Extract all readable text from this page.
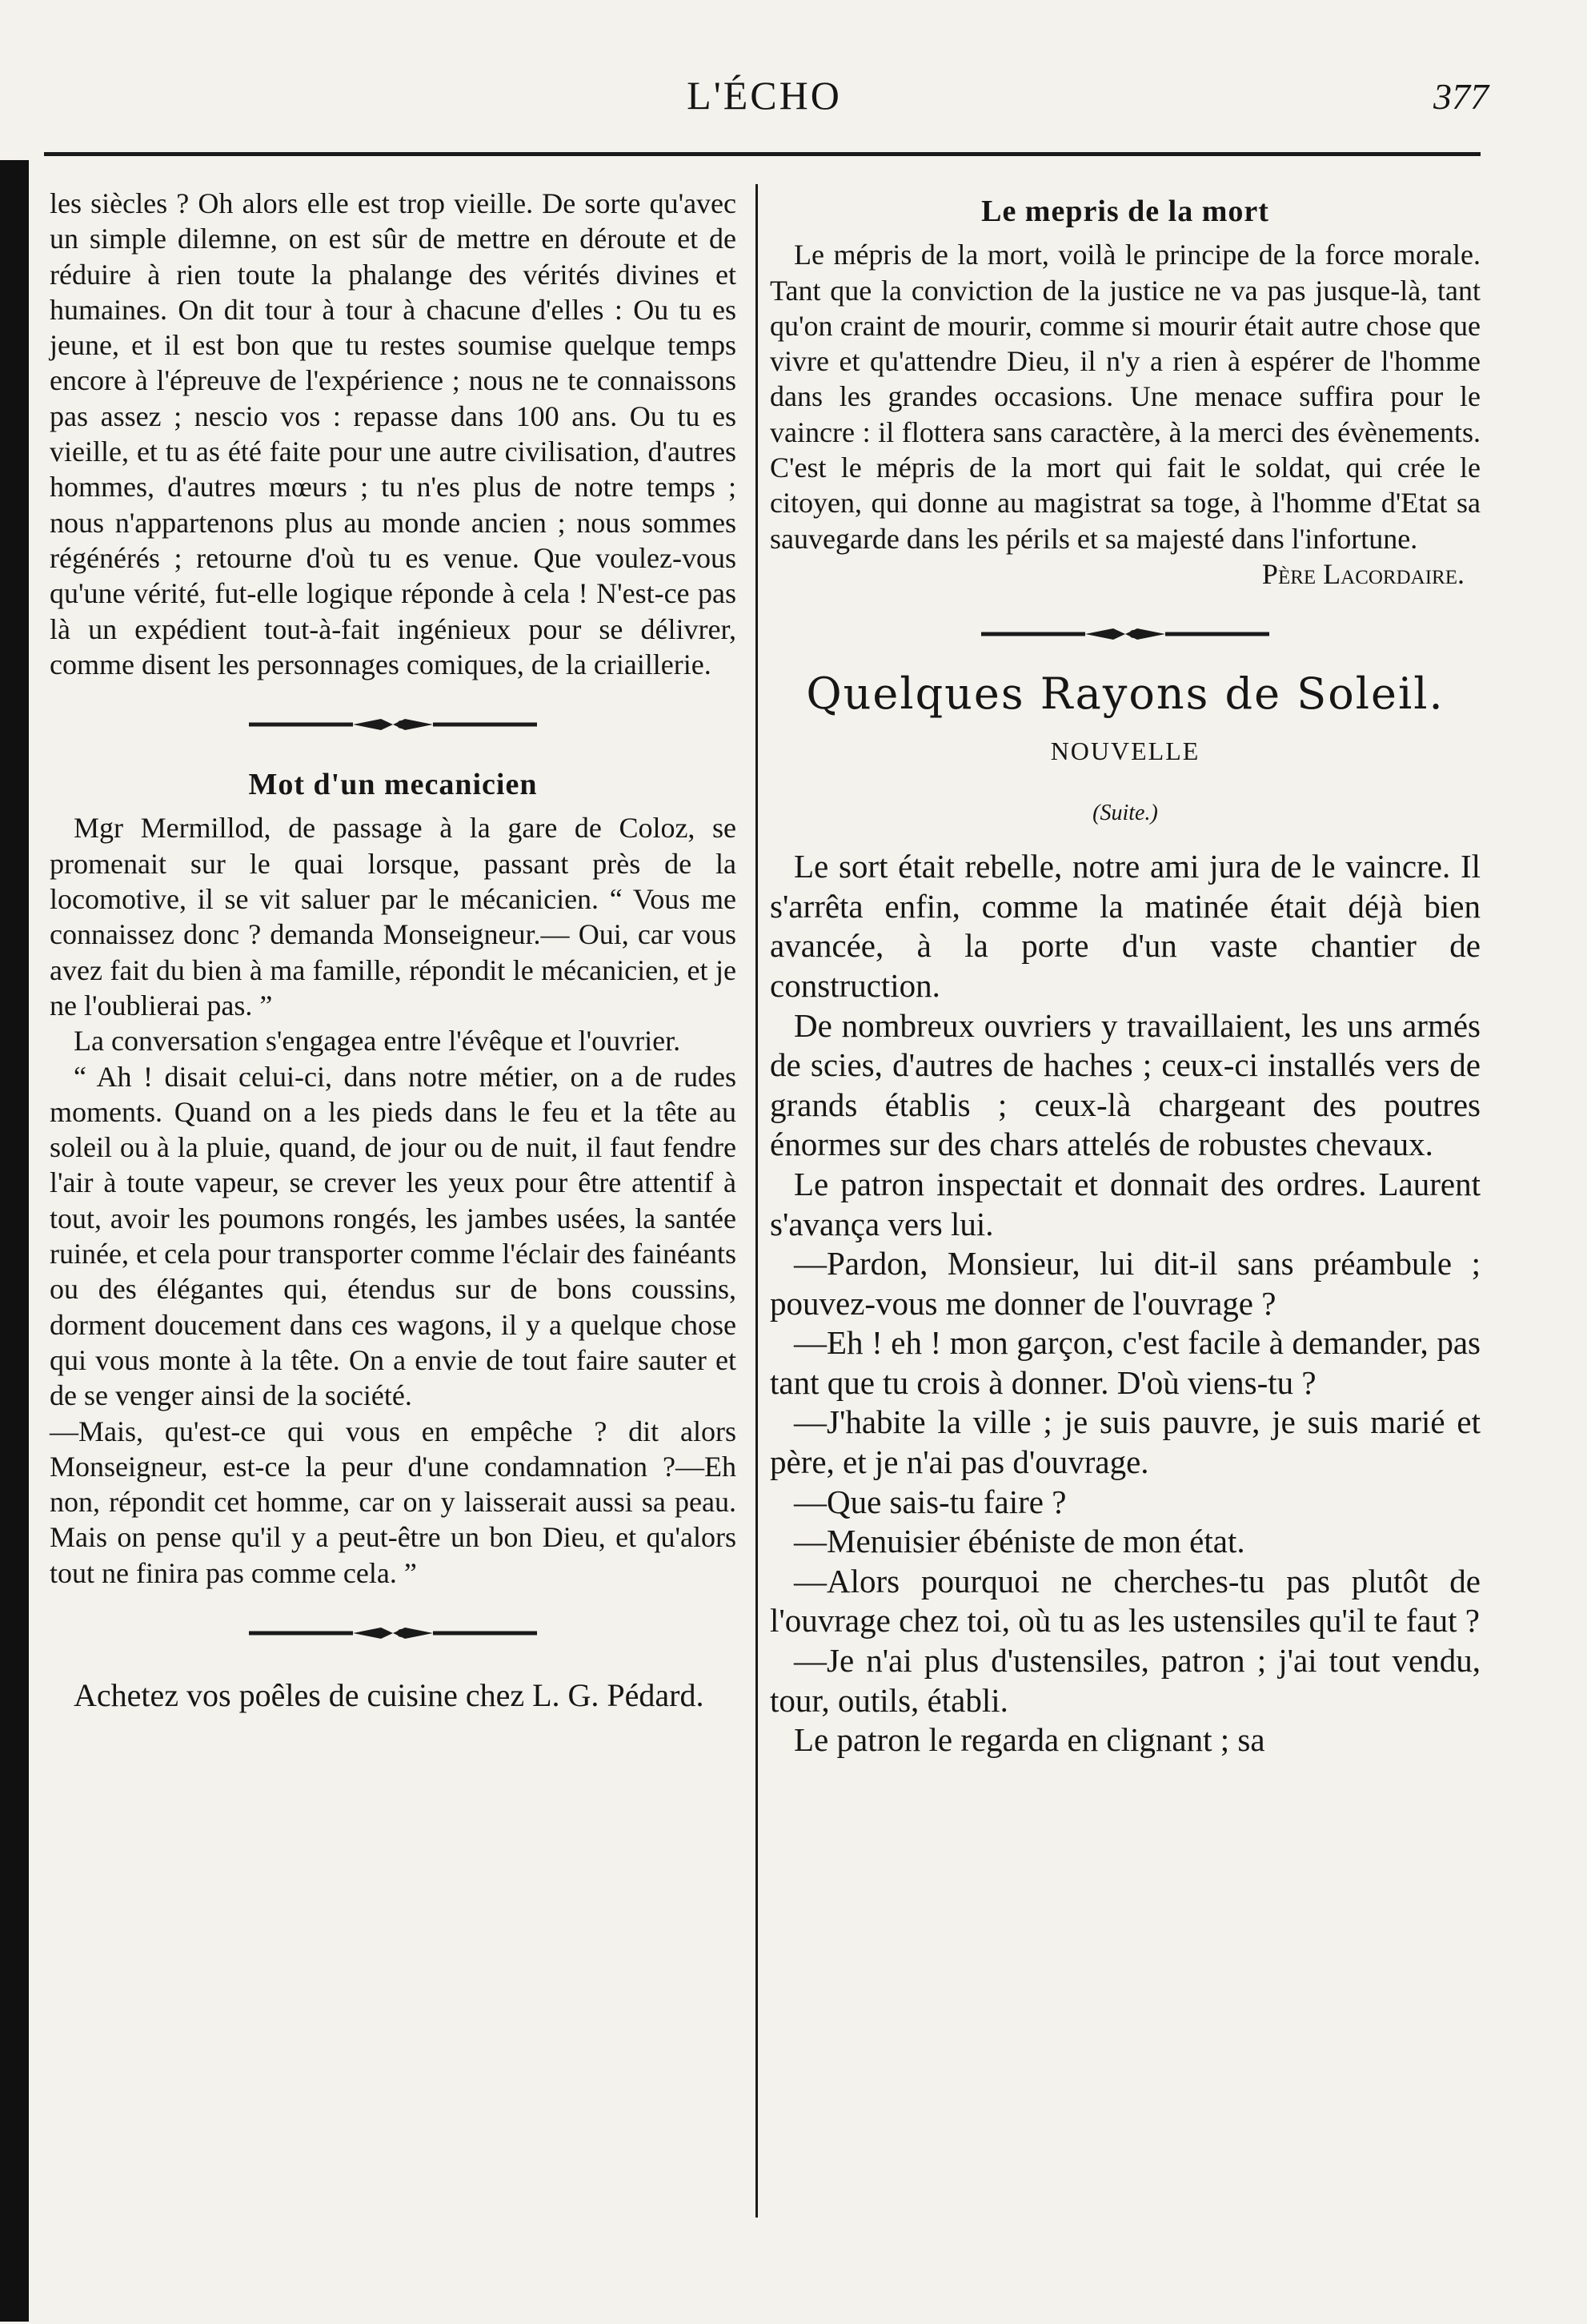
L'ÉCHO	377

les siècles ? Oh alors elle est trop vieille. De sorte qu'avec un simple dilemne, on est sûr de mettre en déroute et de réduire à rien toute la phalange des vérités divines et humaines. On dit tour à tour à chacune d'elles : Ou tu es jeune, et il est bon que tu restes soumise quelque temps encore à l'épreuve de l'expérience ; nous ne te connaissons pas assez ; nescio vos : repasse dans 100 ans. Ou tu es vieille, et tu as été faite pour une autre civilisation, d'autres hommes, d'autres mœurs ; tu n'es plus de notre temps ; nous n'appartenons plus au monde ancien ; nous sommes régénérés ; retourne d'où tu es venue. Que voulez-vous qu'une vérité, fut-elle logique réponde à cela ! N'est-ce pas là un expédient tout-à-fait ingénieux pour se délivrer, comme disent les personnages comiques, de la criaillerie.

Mot d'un mecanicien

Mgr Mermillod, de passage à la gare de Coloz, se promenait sur le quai lorsque, passant près de la locomotive, il se vit saluer par le mécanicien. “ Vous me connaissez donc ? demanda Monseigneur.— Oui, car vous avez fait du bien à ma famille, répondit le mécanicien, et je ne l'oublierai pas. ”

La conversation s'engagea entre l'évêque et l'ouvrier.

“ Ah ! disait celui-ci, dans notre métier, on a de rudes moments. Quand on a les pieds dans le feu et la tête au soleil ou à la pluie, quand, de jour ou de nuit, il faut fendre l'air à toute vapeur, se crever les yeux pour être attentif à tout, avoir les poumons rongés, les jambes usées, la santée ruinée, et cela pour transporter comme l'éclair des fainéants ou des élégantes qui, étendus sur de bons coussins, dorment doucement dans ces wagons, il y a quelque chose qui vous monte à la tête. On a envie de tout faire sauter et de se venger ainsi de la société.

—Mais, qu'est-ce qui vous en empêche ? dit alors Monseigneur, est-ce la peur d'une condamnation ?—Eh non, répondit cet homme, car on y laisserait aussi sa peau. Mais on pense qu'il y a peut-être un bon Dieu, et qu'alors tout ne finira pas comme cela. ”

Achetez vos poêles de cuisine chez L. G. Pédard.

Le mepris de la mort

Le mépris de la mort, voilà le principe de la force morale. Tant que la conviction de la justice ne va pas jusque-là, tant qu'on craint de mourir, comme si mourir était autre chose que vivre et qu'attendre Dieu, il n'y a rien à espérer de l'homme dans les grandes occasions. Une menace suffira pour le vaincre : il flottera sans caractère, à la merci des évènements. C'est le mépris de la mort qui fait le soldat, qui crée le citoyen, qui donne au magistrat sa toge, à l'homme d'Etat sa sauvegarde dans les périls et sa majesté dans l'infortune.

Père Lacordaire.

Quelques Rayons de Soleil.
NOUVELLE
(Suite.)

Le sort était rebelle, notre ami jura de le vaincre. Il s'arrêta enfin, comme la matinée était déjà bien avancée, à la porte d'un vaste chantier de construction.

De nombreux ouvriers y travaillaient, les uns armés de scies, d'autres de haches ; ceux-ci installés vers de grands établis ; ceux-là chargeant des poutres énormes sur des chars attelés de robustes chevaux.

Le patron inspectait et donnait des ordres. Laurent s'avança vers lui.

—Pardon, Monsieur, lui dit-il sans préambule ; pouvez-vous me donner de l'ouvrage ?

—Eh ! eh ! mon garçon, c'est facile à demander, pas tant que tu crois à donner. D'où viens-tu ?

—J'habite la ville ; je suis pauvre, je suis marié et père, et je n'ai pas d'ouvrage.

—Que sais-tu faire ?

—Menuisier ébéniste de mon état.

—Alors pourquoi ne cherches-tu pas plutôt de l'ouvrage chez toi, où tu as les ustensiles qu'il te faut ?

—Je n'ai plus d'ustensiles, patron ; j'ai tout vendu, tour, outils, établi.

Le patron le regarda en clignant ; sa
